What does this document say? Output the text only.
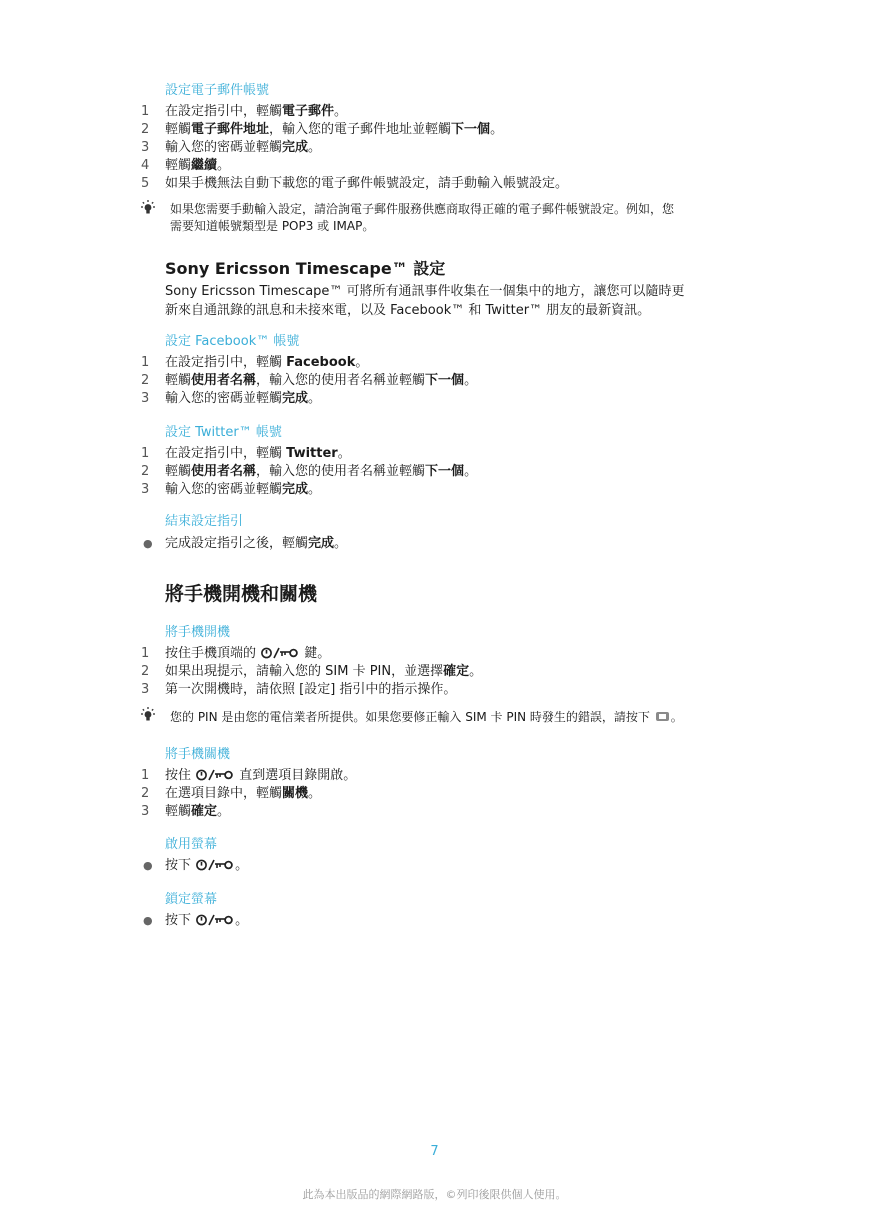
設定電子郵件帳號
1	在設定指引中，輕觸電子郵件。
2	輕觸電子郵件地址，輸入您的電子郵件地址並輕觸下一個。
3	輸入您的密碼並輕觸完成。
4	輕觸繼續。
5	如果手機無法自動下載您的電子郵件帳號設定，請手動輸入帳號設定。
如果您需要手動輸入設定，請洽詢電子郵件服務供應商取得正確的電子郵件帳號設定。例如，您
需要知道帳號類型是 POP3 或 IMAP。
Sony Ericsson Timescape™ 設定
Sony Ericsson Timescape™ 可將所有通訊事件收集在一個集中的地方，讓您可以隨時更
新來自通訊錄的訊息和未接來電，以及 Facebook™ 和 Twitter™ 朋友的最新資訊。
設定 Facebook™ 帳號
1	在設定指引中，輕觸 Facebook。
2	輕觸使用者名稱，輸入您的使用者名稱並輕觸下一個。
3	輸入您的密碼並輕觸完成。
設定 Twitter™ 帳號
1	在設定指引中，輕觸 Twitter。
2	輕觸使用者名稱，輸入您的使用者名稱並輕觸下一個。
3	輸入您的密碼並輕觸完成。
結束設定指引
● 完成設定指引之後，輕觸完成。
將手機開機和關機
將手機開機
1	按住手機頂端的	鍵。
2	如果出現提示，請輸入您的 SIM 卡 PIN，並選擇確定。
3	第一次開機時，請依照 [設定] 指引中的指示操作。
您的 PIN 是由您的電信業者所提供。如果您要修正輸入 SIM 卡 PIN 時發生的錯誤，請按下 。
將手機關機
1	按住	直到選項目錄開啟。
2	在選項目錄中，輕觸關機。
3	輕觸確定。
啟用螢幕
● 按下	。
鎖定螢幕
● 按下	。
7
此為本出版品的網際網路版，©列印後限供個人使用。
